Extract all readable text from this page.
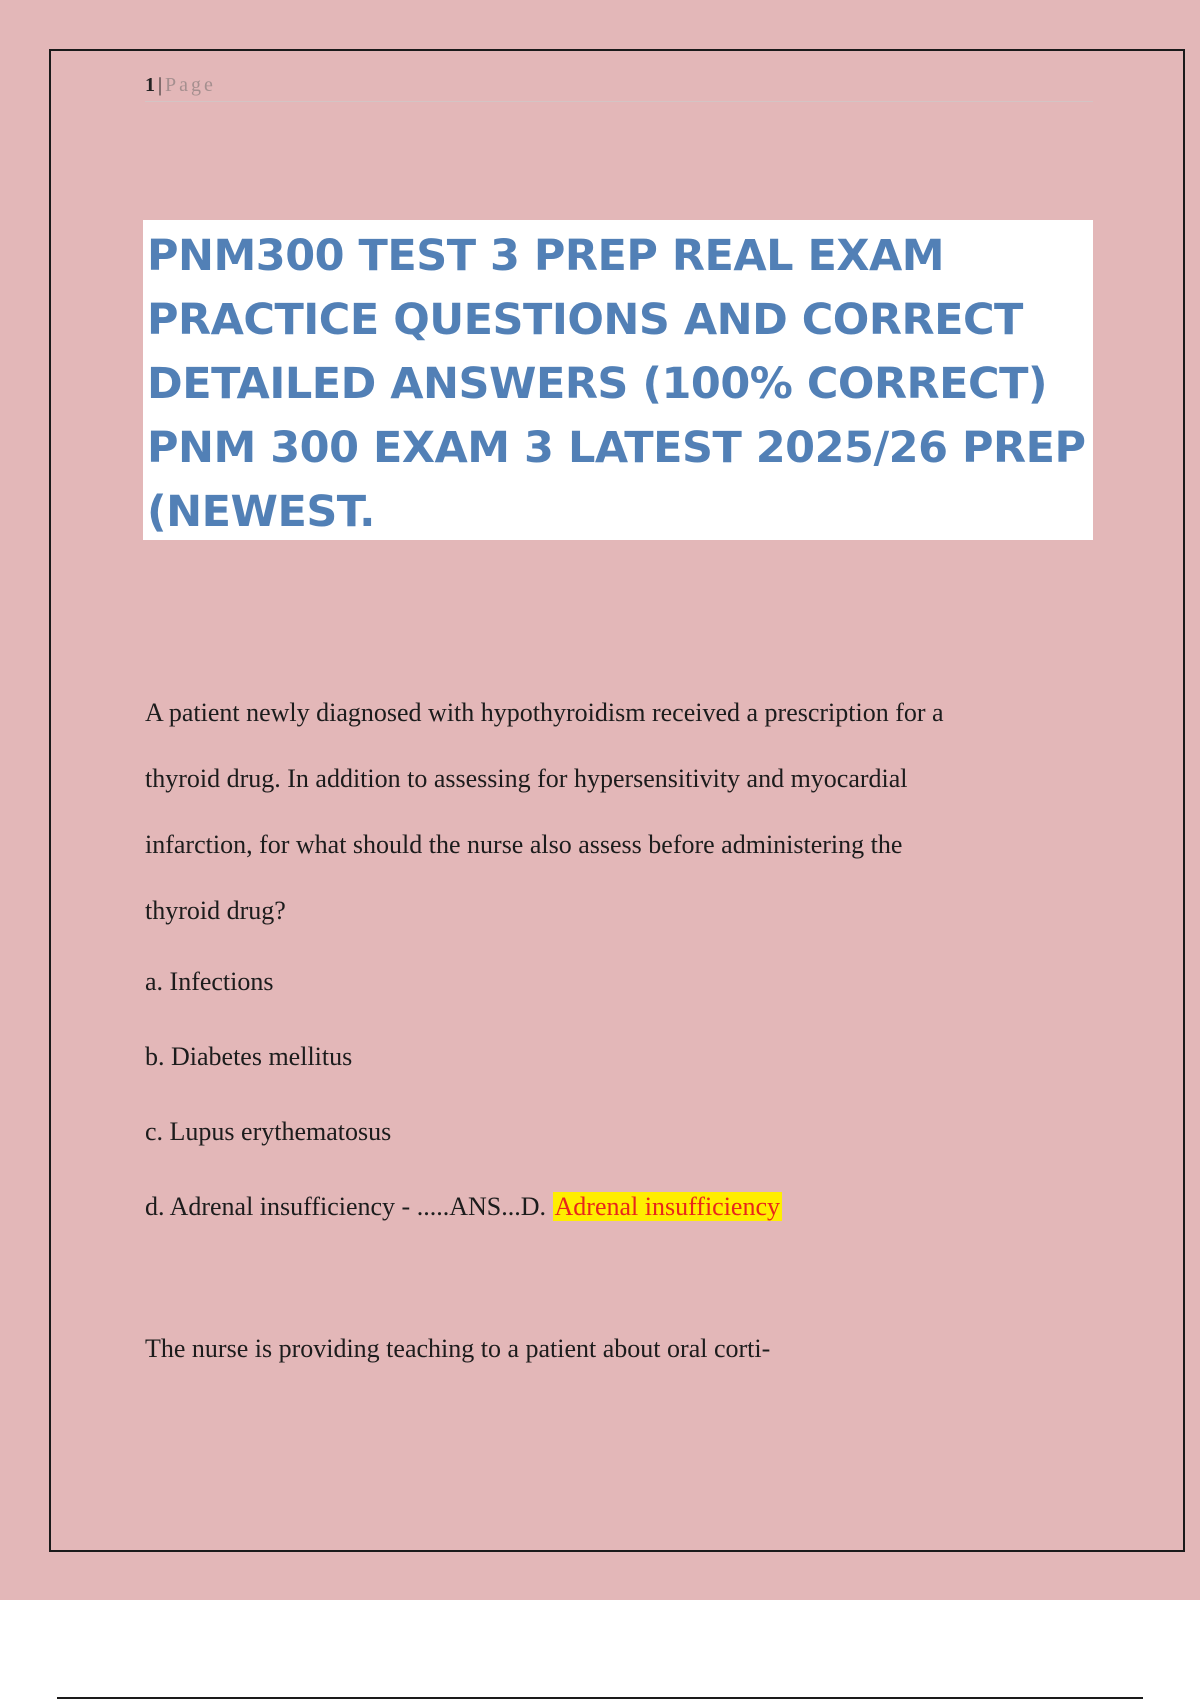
1 | Page
PNM300 TEST 3 PREP REAL EXAM PRACTICE QUESTIONS AND CORRECT DETAILED ANSWERS (100% CORRECT) PNM 300 EXAM 3 LATEST 2025/26 PREP (NEWEST.

A patient newly diagnosed with hypothyroidism received a prescription for a

thyroid drug. In addition to assessing for hypersensitivity and myocardial

infarction, for what should the nurse also assess before administering the

thyroid drug?

a. Infections

b. Diabetes mellitus

c. Lupus erythematosus

d. Adrenal insufficiency - .....ANS...D. Adrenal insufficiency

The nurse is providing teaching to a patient about oral corti-
